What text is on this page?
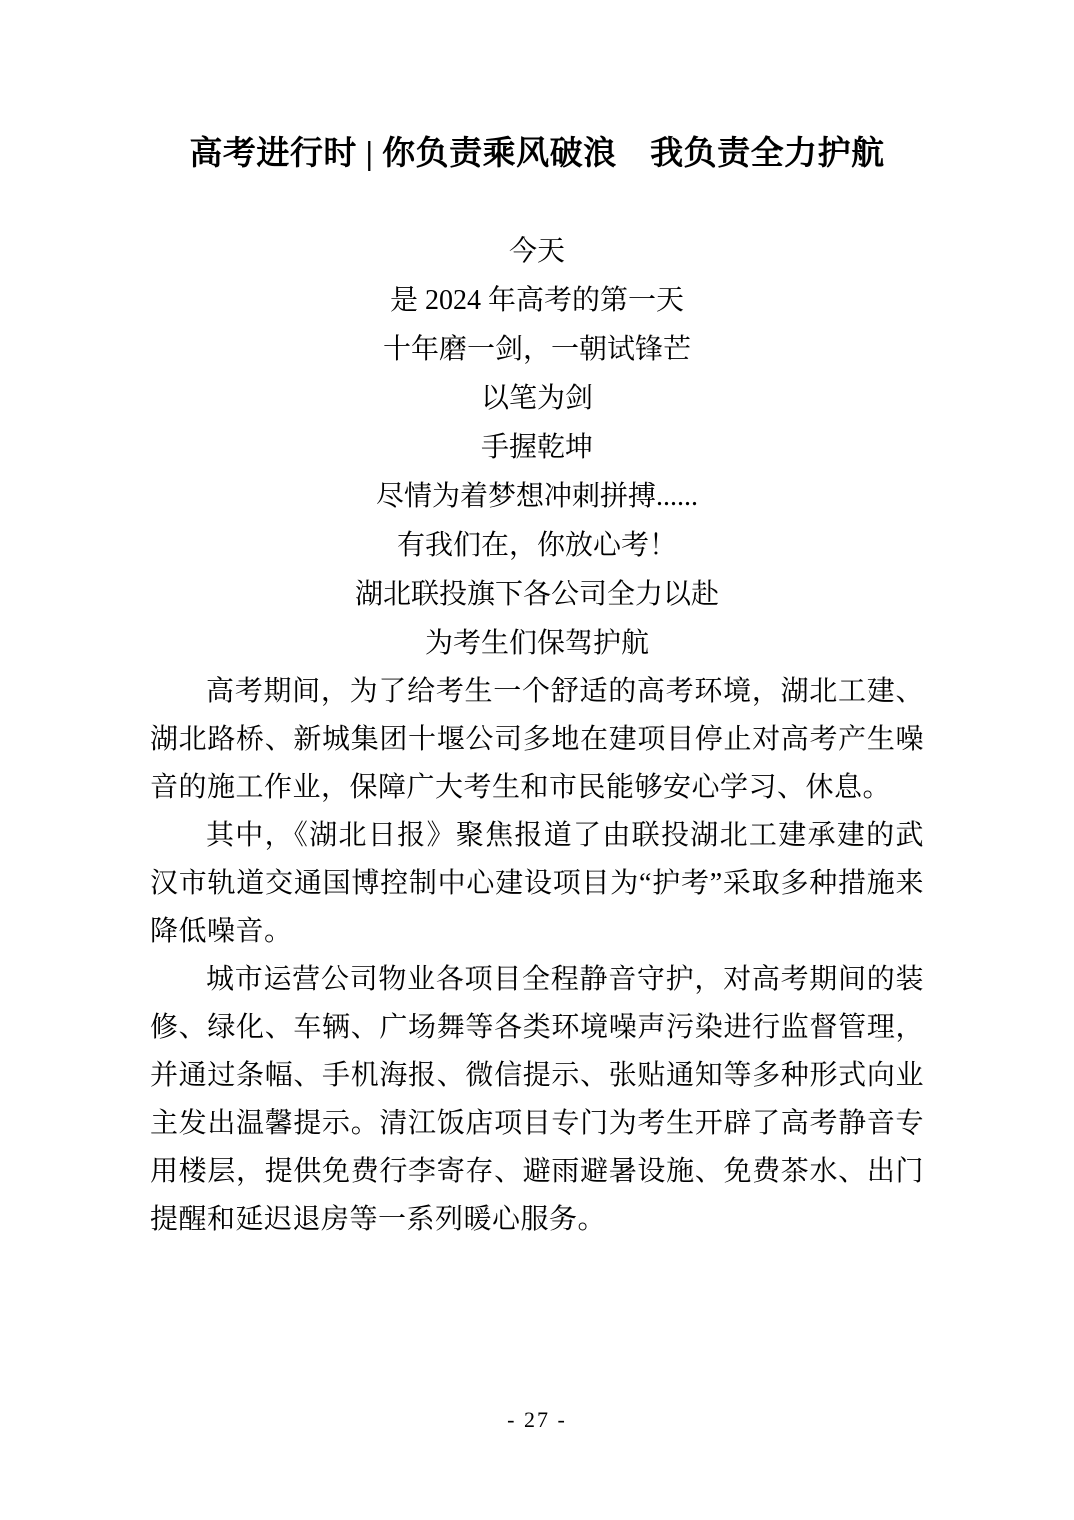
高考进行时 | 你负责乘风破浪　我负责全力护航
今天
是 2024 年高考的第一天
十年磨一剑，一朝试锋芒
以笔为剑
手握乾坤
尽情为着梦想冲刺拼搏......
有我们在，你放心考！
湖北联投旗下各公司全力以赴
为考生们保驾护航

高考期间，为了给考生一个舒适的高考环境，湖北工建、湖北路桥、新城集团十堰公司多地在建项目停止对高考产生噪音的施工作业，保障广大考生和市民能够安心学习、休息。

其中，《湖北日报》聚焦报道了由联投湖北工建承建的武汉市轨道交通国博控制中心建设项目为“护考”采取多种措施来降低噪音。

城市运营公司物业各项目全程静音守护，对高考期间的装修、绿化、车辆、广场舞等各类环境噪声污染进行监督管理，并通过条幅、手机海报、微信提示、张贴通知等多种形式向业主发出温馨提示。清江饭店项目专门为考生开辟了高考静音专用楼层，提供免费行李寄存、避雨避暑设施、免费茶水、出门提醒和延迟退房等一系列暖心服务。

- 27 -
